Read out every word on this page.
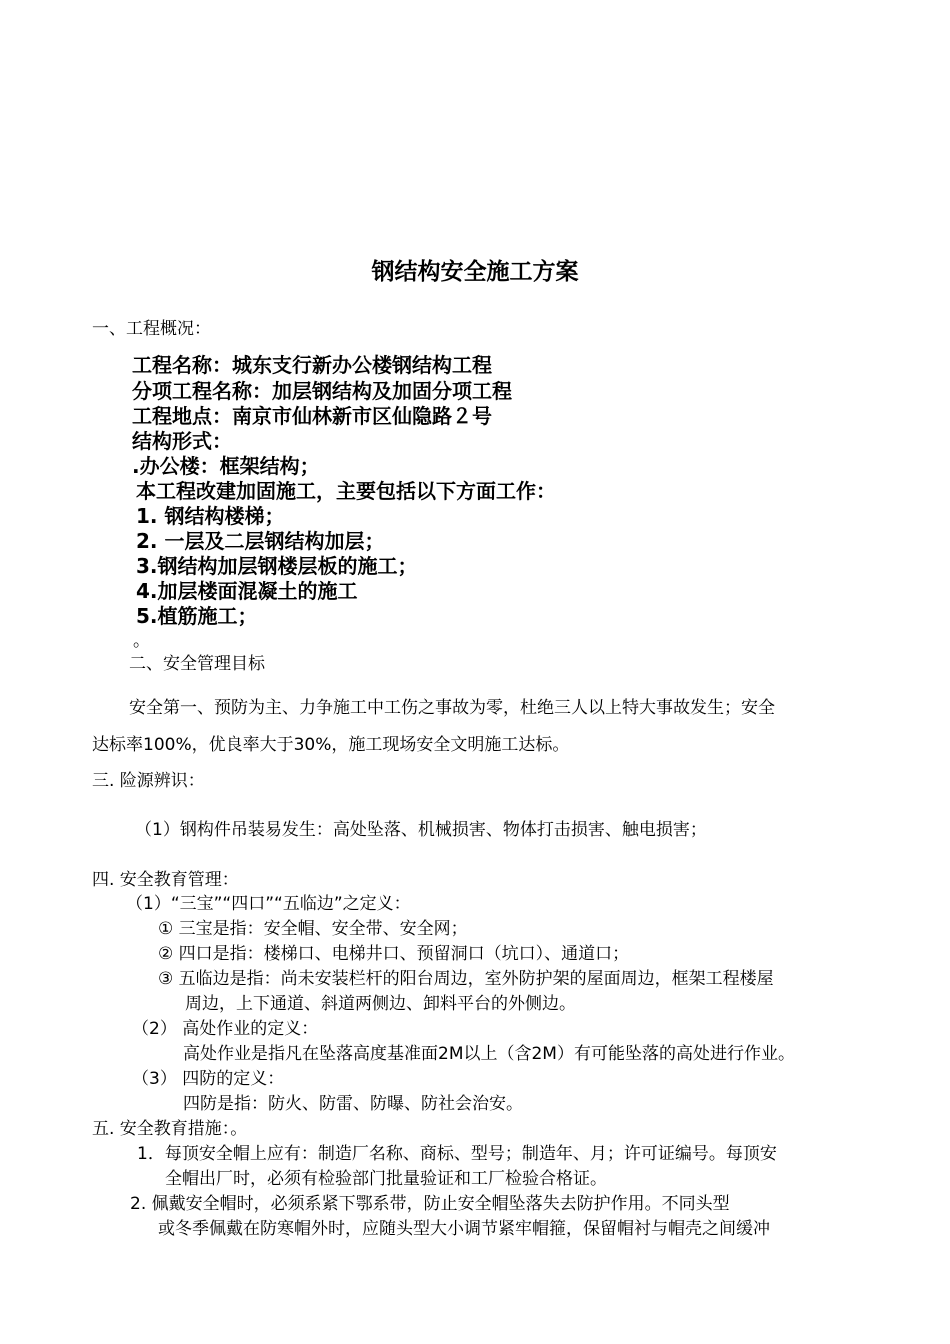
钢结构安全施工方案
一、工程概况：
工程名称：城东支行新办公楼钢结构工程
分项工程名称：加层钢结构及加固分项工程
工程地点：南京市仙林新市区仙隐路２号
结构形式：
.办公楼：框架结构；
本工程改建加固施工，主要包括以下方面工作：
1. 钢结构楼梯；
2. 一层及二层钢结构加层；
3.钢结构加层钢楼层板的施工；
4.加层楼面混凝土的施工
5.植筋施工；
。
二、安全管理目标
安全第一、预防为主、力争施工中工伤之事故为零，杜绝三人以上特大事故发生；安全
达标率100%，优良率大于30%，施工现场安全文明施工达标。
三. 险源辨识：
（1）钢构件吊装易发生：高处坠落、机械损害、物体打击损害、触电损害；
四. 安全教育管理：
（1）“三宝”“四口”“五临边”之定义：
① 三宝是指：安全帽、安全带、安全网；
② 四口是指：楼梯口、电梯井口、预留洞口（坑口）、通道口；
③ 五临边是指：尚未安装栏杆的阳台周边，室外防护架的屋面周边，框架工程楼屋
周边，上下通道、斜道两侧边、卸料平台的外侧边。
（2） 高处作业的定义：
高处作业是指凡在坠落高度基准面2M以上（含2M）有可能坠落的高处进行作业。
（3） 四防的定义：
四防是指：防火、防雷、防曝、防社会治安。
五. 安全教育措施：。
1．每顶安全帽上应有：制造厂名称、商标、型号；制造年、月；许可证编号。每顶安
全帽出厂时，必须有检验部门批量验证和工厂检验合格证。
2. 佩戴安全帽时，必须系紧下鄂系带，防止安全帽坠落失去防护作用。不同头型
或冬季佩戴在防寒帽外时，应随头型大小调节紧牢帽箍，保留帽衬与帽壳之间缓冲
